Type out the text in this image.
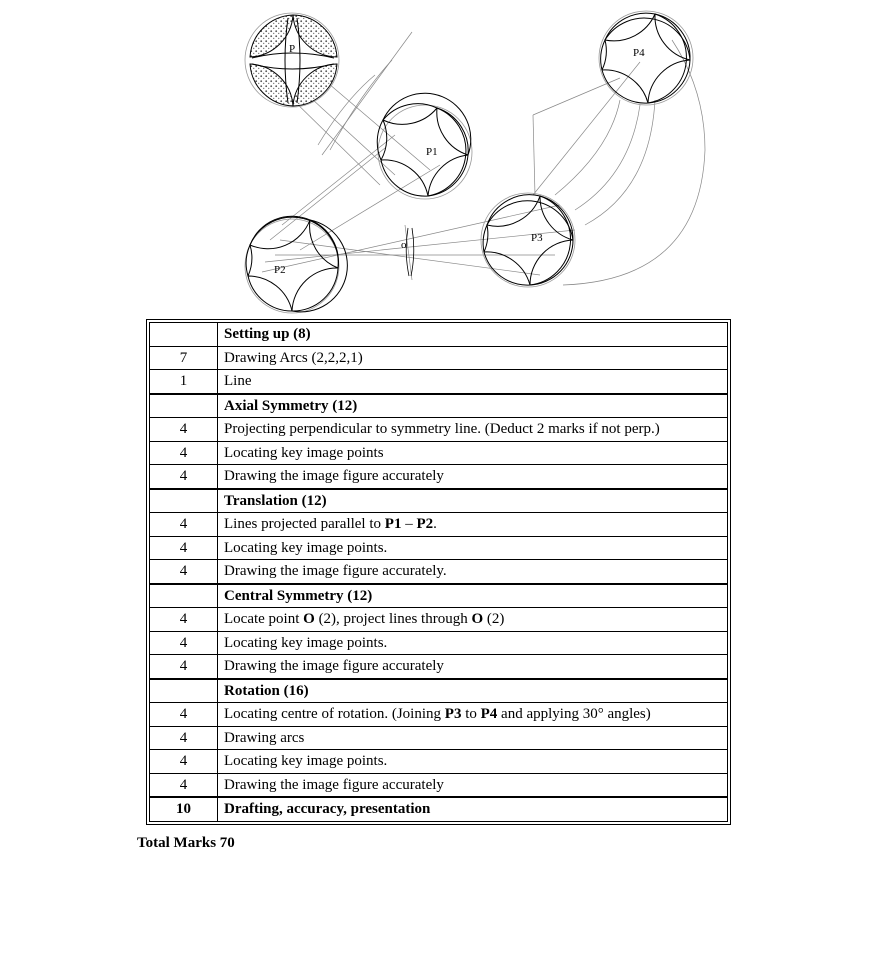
P
P1
P2
P3
P4
o
	Setting up (8)
7	Drawing Arcs (2,2,2,1)
1	Line
	Axial Symmetry (12)
4	Projecting perpendicular to symmetry line. (Deduct 2 marks if not perp.)
4	Locating key image points
4	Drawing the image figure accurately
	Translation (12)
4	Lines projected parallel to P1 – P2.
4	Locating key image points.
4	Drawing the image figure accurately.
	Central Symmetry (12)
4	Locate point O (2), project lines through O (2)
4	Locating key image points.
4	Drawing the image figure accurately
	Rotation (16)
4	Locating centre of rotation. (Joining P3 to P4 and applying 30° angles)
4	Drawing arcs
4	Locating key image points.
4	Drawing the image figure accurately
10	Drafting, accuracy, presentation
Total Marks 70
